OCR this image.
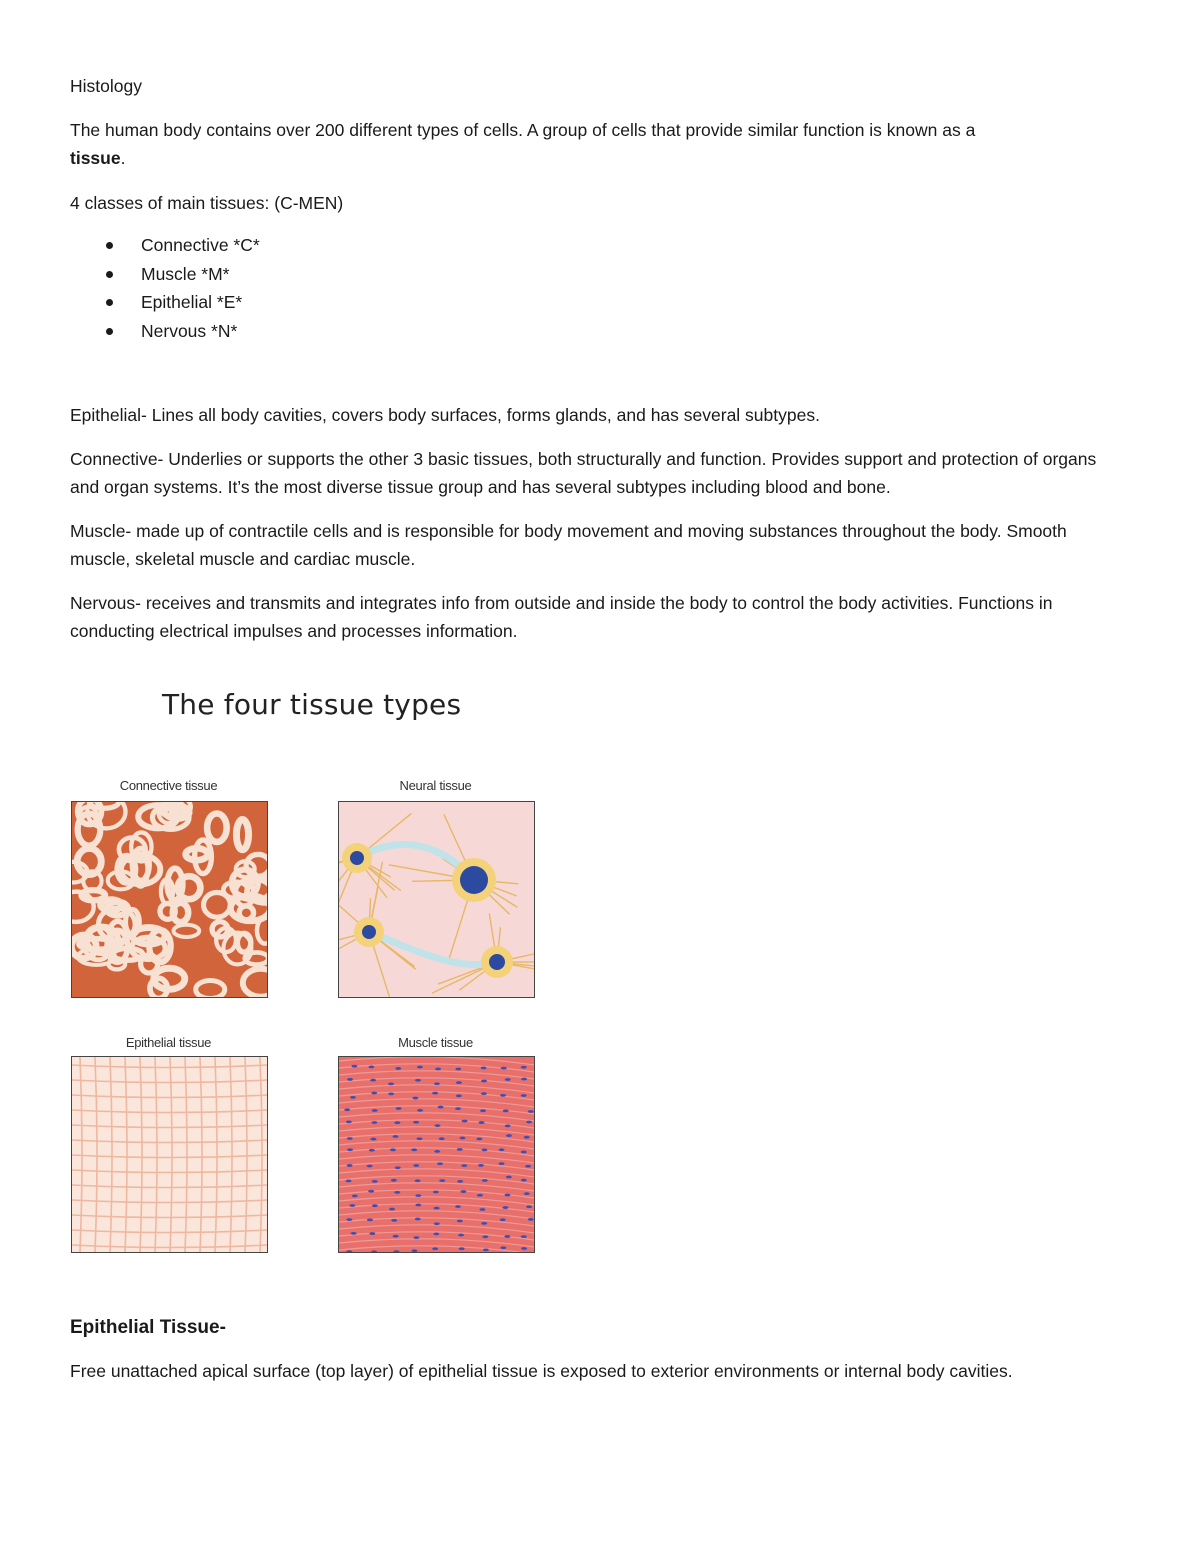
Histology

The human body contains over 200 different types of cells. A group of cells that provide similar function is known as a
tissue.

4 classes of main tissues: (C-MEN)

Connective *C*
Muscle *M*
Epithelial *E*
Nervous *N*

Epithelial- Lines all body cavities, covers body surfaces, forms glands, and has several subtypes.

Connective- Underlies or supports the other 3 basic tissues, both structurally and function. Provides support and protection of organs and organ systems. It’s the most diverse tissue group and has several subtypes including blood and bone.

Muscle- made up of contractile cells and is responsible for body movement and moving substances throughout the body. Smooth muscle, skeletal muscle and cardiac muscle.

Nervous- receives and transmits and integrates info from outside and inside the body to control the body activities. Functions in conducting electrical impulses and processes information.

The four tissue types
Connective tissue	Neural tissue
Epithelial tissue	Muscle tissue

Epithelial Tissue-

Free unattached apical surface (top layer) of epithelial tissue is exposed to exterior environments or internal body cavities.
